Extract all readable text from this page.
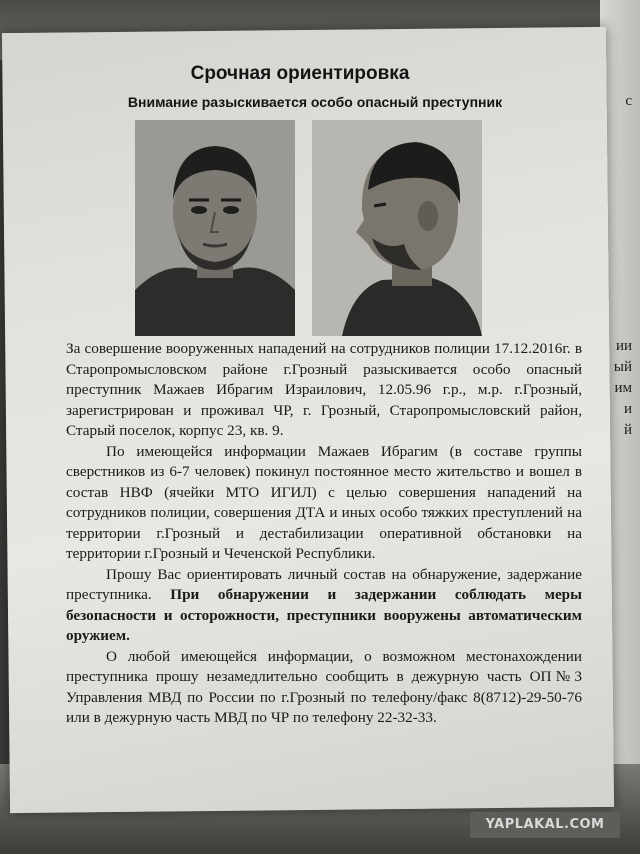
с
ии
ый
им
и
й
Срочная ориентировка
Внимание разыскивается особо опасный преступник

За совершение вооруженных нападений на сотрудников полиции 17.12.2016г. в Старопромысловском районе г.Грозный разыскивается особо опасный преступник Мажаев Ибрагим Израилович, 12.05.96 г.р., м.р. г.Грозный, зарегистрирован и проживал ЧР, г. Грозный, Старопромысловский район, Старый поселок, корпус 23, кв. 9.

По имеющейся информации Мажаев Ибрагим (в составе группы сверстников из 6-7 человек) покинул постоянное место жительство и вошел в состав НВФ (ячейки МТО ИГИЛ) с целью совершения нападений на сотрудников полиции, совершения ДТА и иных особо тяжких преступлений на территории г.Грозный и дестабилизации оперативной обстановки на территории г.Грозный и Чеченской Республики.

Прошу Вас ориентировать личный состав на обнаружение, задержание преступника. При обнаружении и задержании соблюдать меры безопасности и осторожности, преступники вооружены автоматическим оружием.

О любой имеющейся информации, о возможном местонахождении преступника прошу незамедлительно сообщить в дежурную часть ОП№3 Управления МВД по России по г.Грозный по телефону/факс 8(8712)-29-50-76 или в дежурную часть МВД по ЧР по телефону 22-32-33.

YAPLAKAL.COM
